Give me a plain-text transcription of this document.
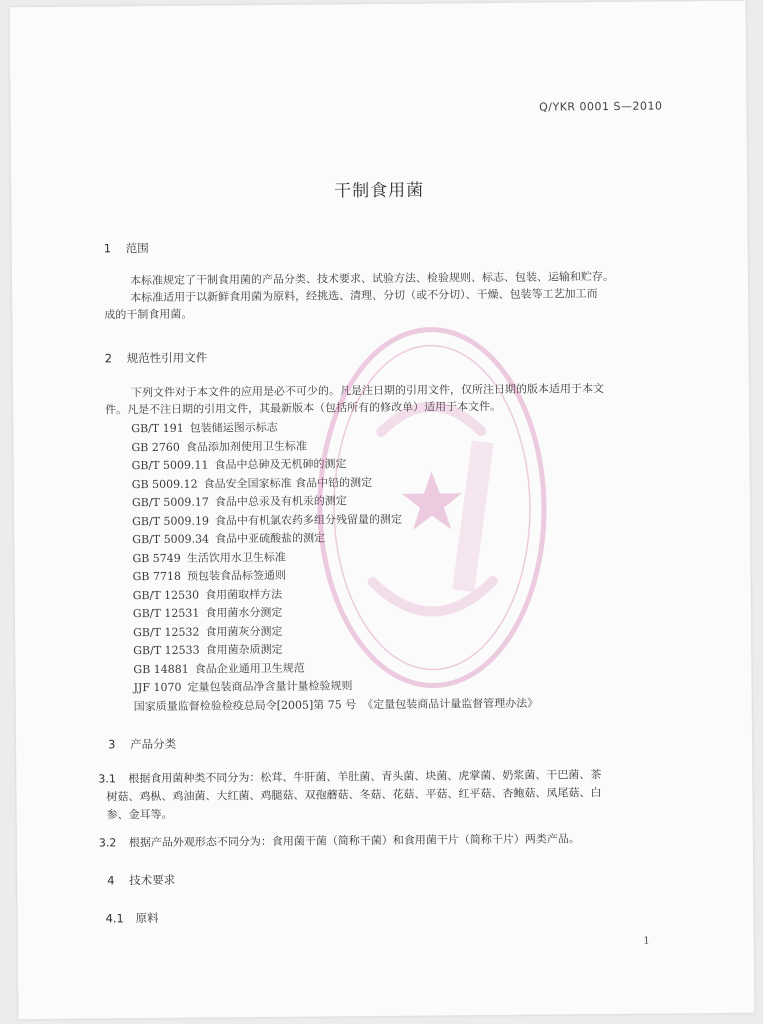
Q/YKR 0001 S—2010
干制食用菌
1 范围
本标准规定了干制食用菌的产品分类、技术要求、试验方法、检验规则、标志、包装、运输和贮存。
本标准适用于以新鲜食用菌为原料，经挑选、清理、分切（或不分切）、干燥、包装等工艺加工而
成的干制食用菌。
2 规范性引用文件
下列文件对于本文件的应用是必不可少的。凡是注日期的引用文件，仅所注日期的版本适用于本文
件。凡是不注日期的引用文件，其最新版本（包括所有的修改单）适用于本文件。
GB/T 191 包装储运图示标志
GB 2760 食品添加剂使用卫生标准
GB/T 5009.11 食品中总砷及无机砷的测定
GB 5009.12 食品安全国家标准 食品中铅的测定
GB/T 5009.17 食品中总汞及有机汞的测定
GB/T 5009.19 食品中有机氯农药多组分残留量的测定
GB/T 5009.34 食品中亚硫酸盐的测定
GB 5749 生活饮用水卫生标准
GB 7718 预包装食品标签通则
GB/T 12530 食用菌取样方法
GB/T 12531 食用菌水分测定
GB/T 12532 食用菌灰分测定
GB/T 12533 食用菌杂质测定
GB 14881 食品企业通用卫生规范
JJF 1070 定量包装商品净含量计量检验规则
国家质量监督检验检疫总局令[2005]第 75 号 《定量包装商品计量监督管理办法》
3 产品分类
3.1 根据食用菌种类不同分为：松茸、牛肝菌、羊肚菌、青头菌、块菌、虎掌菌、奶浆菌、干巴菌、茶
树菇、鸡枞、鸡油菌、大红菌、鸡腿菇、双孢蘑菇、冬菇、花菇、平菇、红平菇、杏鲍菇、凤尾菇、白
参、金耳等。
3.2 根据产品外观形态不同分为：食用菌干菌（简称干菌）和食用菌干片（简称干片）两类产品。
4 技术要求
4.1 原料
1
